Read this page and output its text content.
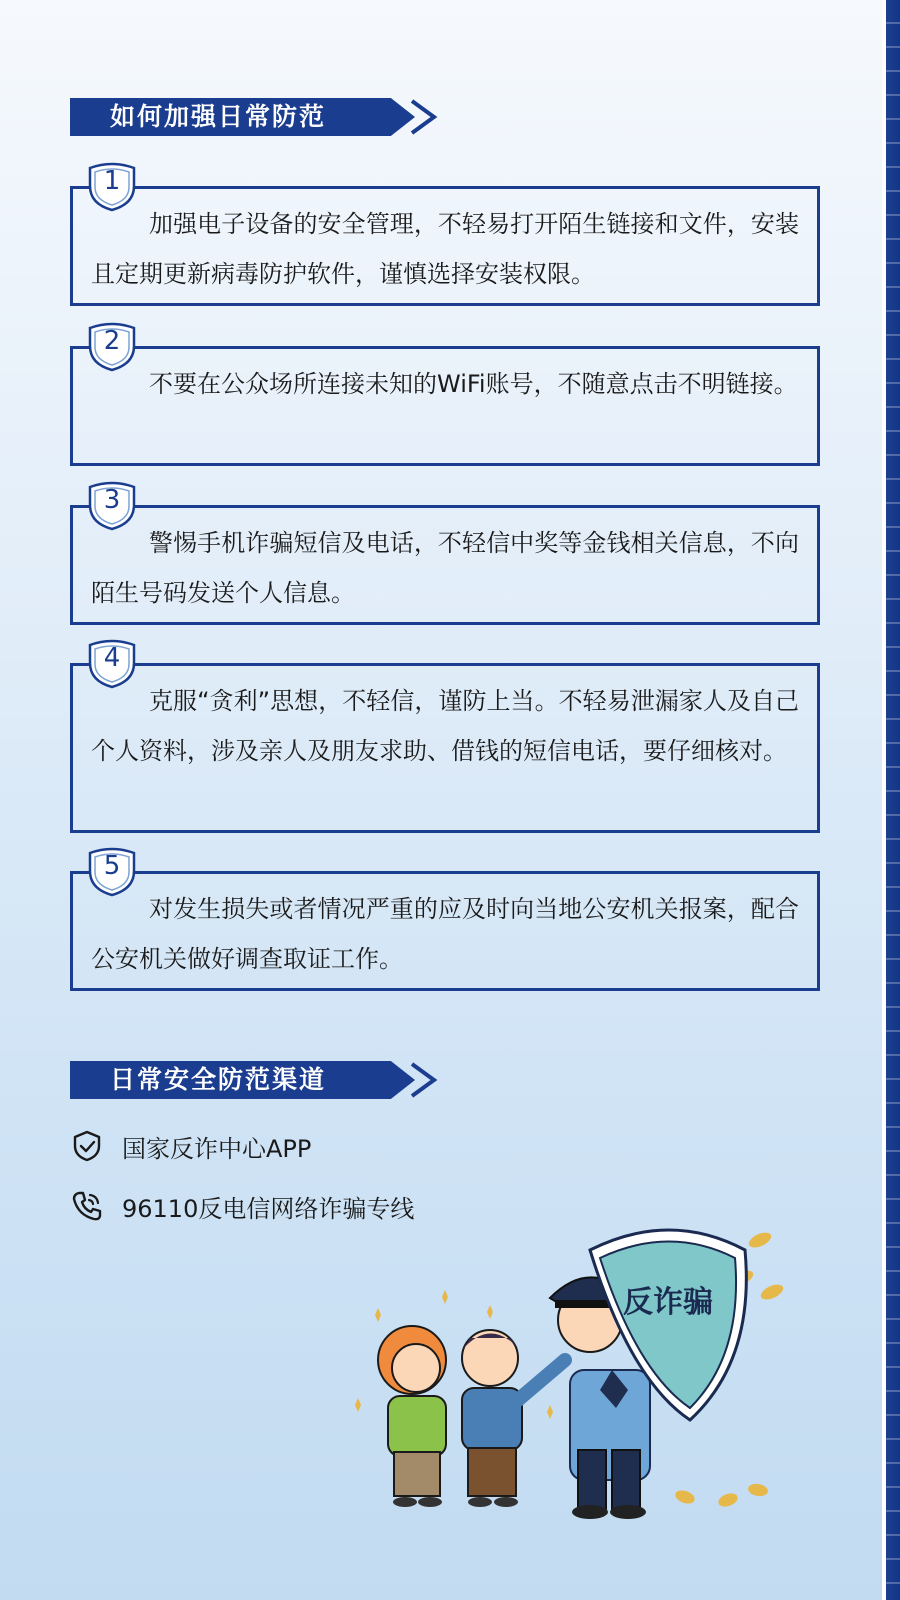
如何加强日常防范
加强电子设备的安全管理，不轻易打开陌生链接和文件，安装且定期更新病毒防护软件，谨慎选择安装权限。
1
不要在公众场所连接未知的WiFi账号，不随意点击不明链接。
2
警惕手机诈骗短信及电话，不轻信中奖等金钱相关信息，不向陌生号码发送个人信息。
3
克服“贪利”思想，不轻信，谨防上当。不轻易泄漏家人及自己个人资料，涉及亲人及朋友求助、借钱的短信电话，要仔细核对。
4
对发生损失或者情况严重的应及时向当地公安机关报案，配合公安机关做好调查取证工作。
5
日常安全防范渠道
国家反诈中心APP
96110反电信网络诈骗专线
反诈骗
